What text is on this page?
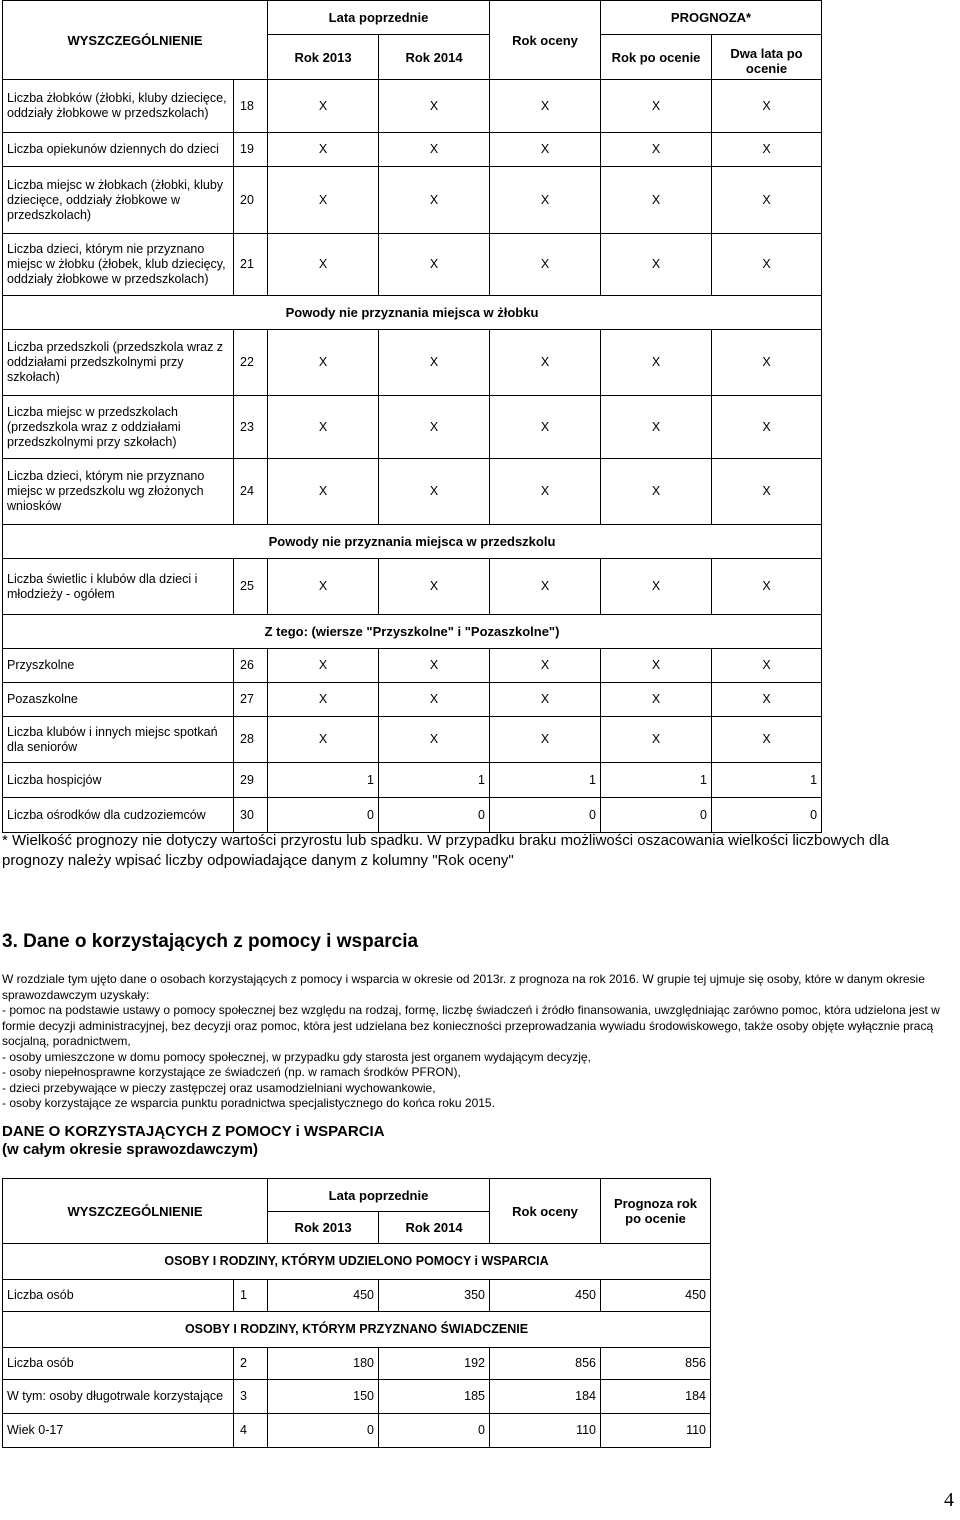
WYSZCZEGÓLNIENIE		Lata poprzednie		Rok oceny	PROGNOZA*	
		Rok 2013	Rok 2014		Rok po ocenie	Dwa lata po ocenie
Liczba żłobków (żłobki, kluby dziecięce, oddziały żłobkowe w przedszkolach)	18	X	X	X	X	X
Liczba opiekunów dziennych do dzieci	19	X	X	X	X	X
Liczba miejsc w żłobkach (żłobki, kluby dziecięce, oddziały żłobkowe w przedszkolach)	20	X	X	X	X	X
Liczba dzieci, którym nie przyznano miejsc w żłobku (żłobek, klub dziecięcy, oddziały żłobkowe w przedszkolach)	21	X	X	X	X	X
Powody nie przyznania miejsca w żłobku						
Liczba przedszkoli (przedszkola wraz z oddziałami przedszkolnymi przy szkołach)	22	X	X	X	X	X
Liczba miejsc w przedszkolach (przedszkola wraz z oddziałami przedszkolnymi przy szkołach)	23	X	X	X	X	X
Liczba dzieci, którym nie przyznano miejsc w przedszkolu wg złożonych wniosków	24	X	X	X	X	X
Powody nie przyznania miejsca w przedszkolu						
Liczba świetlic i klubów dla dzieci i młodzieży - ogółem	25	X	X	X	X	X
Z tego: (wiersze "Przyszkolne" i "Pozaszkolne")						
Przyszkolne	26	X	X	X	X	X
Pozaszkolne	27	X	X	X	X	X
Liczba klubów i innych miejsc spotkań dla seniorów	28	X	X	X	X	X
Liczba hospicjów	29	1	1	1	1	1
Liczba ośrodków dla cudzoziemców	30	0	0	0	0	0
* Wielkość prognozy nie dotyczy wartości przyrostu lub spadku. W przypadku braku możliwości oszacowania wielkości liczbowych dla prognozy należy wpisać liczby odpowiadające danym z kolumny "Rok oceny"
3. Dane o korzystających z pomocy i wsparcia
W rozdziale tym ujęto dane o osobach korzystających z pomocy i wsparcia w okresie od 2013r. z prognoza na rok 2016. W grupie tej ujmuje się osoby, które w danym okresie sprawozdawczym uzyskały:
- pomoc na podstawie ustawy o pomocy społecznej bez względu na rodzaj, formę, liczbę świadczeń i źródło finansowania, uwzględniając zarówno pomoc, która udzielona jest w formie decyzji administracyjnej, bez decyzji oraz pomoc, która jest udzielana bez konieczności przeprowadzania wywiadu środowiskowego, także osoby objęte wyłącznie pracą socjalną, poradnictwem,
- osoby umieszczone w domu pomocy społecznej, w przypadku gdy starosta jest organem wydającym decyzję,
- osoby niepełnosprawne korzystające ze świadczeń (np. w ramach środków PFRON),
- dzieci przebywające w pieczy zastępczej oraz usamodzielniani wychowankowie,
- osoby korzystające ze wsparcia punktu poradnictwa specjalistycznego do końca roku 2015.
DANE O KORZYSTAJĄCYCH Z POMOCY i WSPARCIA
(w całym okresie sprawozdawczym)
WYSZCZEGÓLNIENIE		Lata poprzednie		Rok oceny	Prognoza rok po ocenie
		Rok 2013	Rok 2014		
OSOBY I RODZINY, KTÓRYM UDZIELONO POMOCY i WSPARCIA					
Liczba osób	1	450	350	450	450
OSOBY I RODZINY, KTÓRYM PRZYZNANO ŚWIADCZENIE					
Liczba osób	2	180	192	856	856
W tym: osoby długotrwale korzystające	3	150	185	184	184
Wiek 0-17	4	0	0	110	110
4
